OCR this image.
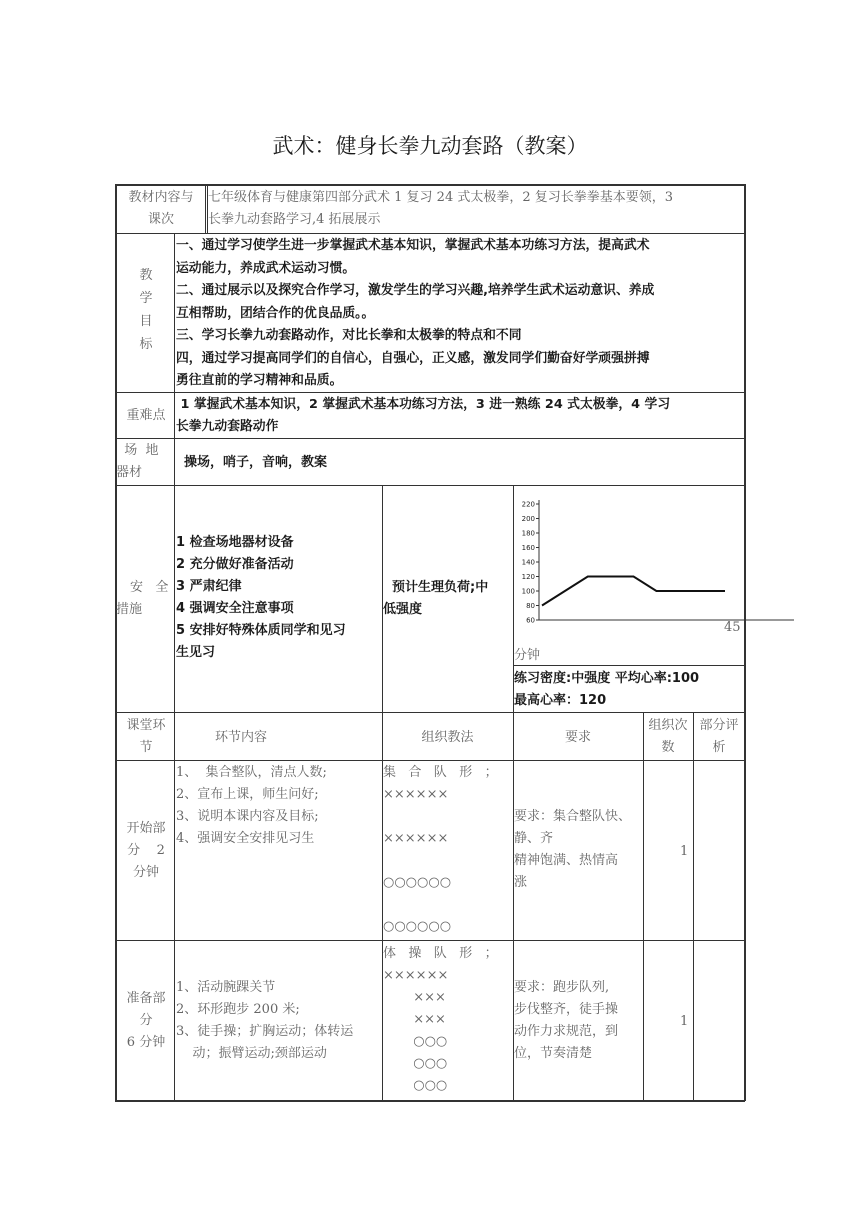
武术：健身长拳九动套路（教案）
教材内容与
课次
七年级体育与健康第四部分武术 1 复习 24 式太极拳，2 复习长拳拳基本要领，3
长拳九动套路学习,4 拓展展示
教
学
目
标
一、通过学习使学生进一步掌握武术基本知识，掌握武术基本功练习方法，提高武术
运动能力，养成武术运动习惯。
二、通过展示以及探究合作学习，激发学生的学习兴趣,培养学生武术运动意识、养成
互相帮助，团结合作的优良品质。。
三、学习长拳九动套路动作，对比长拳和太极拳的特点和不同
四，通过学习提高同学们的自信心，自强心，正义感，激发同学们勤奋好学顽强拼搏
勇往直前的学习精神和品质。
重难点
1 掌握武术基本知识，2 掌握武术基本功练习方法，3 进一熟练 24 式太极拳，4 学习
长拳九动套路动作
场  地
器材
操场，哨子，音响，教案
安   全
措施
1 检查场地器材设备
2 充分做好准备活动
3 严肃纪律
4 强调安全注意事项
5 安排好特殊体质同学和见习
生见习
预计生理负荷;中
低强度
60
80
100
120
140
160
180
200
220
45
分钟
练习密度:中强度 平均心率:100
最高心率：120
课堂环
节
环节内容	组织教法	要求
组织次
数
部分评
析
开始部
分    2
分钟
1、  集合整队，清点人数;
2、宣布上课，师生问好;
3、说明本课内容及目标;
4、强调安全安排见习生
集   合   队   形   ；
××××××

××××××

○○○○○○

○○○○○○
要求：集合整队快、
静、齐
精神饱满、热情高
涨
1
准备部
分
6 分钟
1、活动腕踝关节
2、环形跑步 200 米;
3、徒手操；扩胸运动；体转运
动；振臂运动;颈部运动
体   操   队   形   ；
××××××
×××
×××
○○○
○○○
○○○
要求：跑步队列,
步伐整齐，徒手操
动作力求规范，到
位，节奏清楚
1
